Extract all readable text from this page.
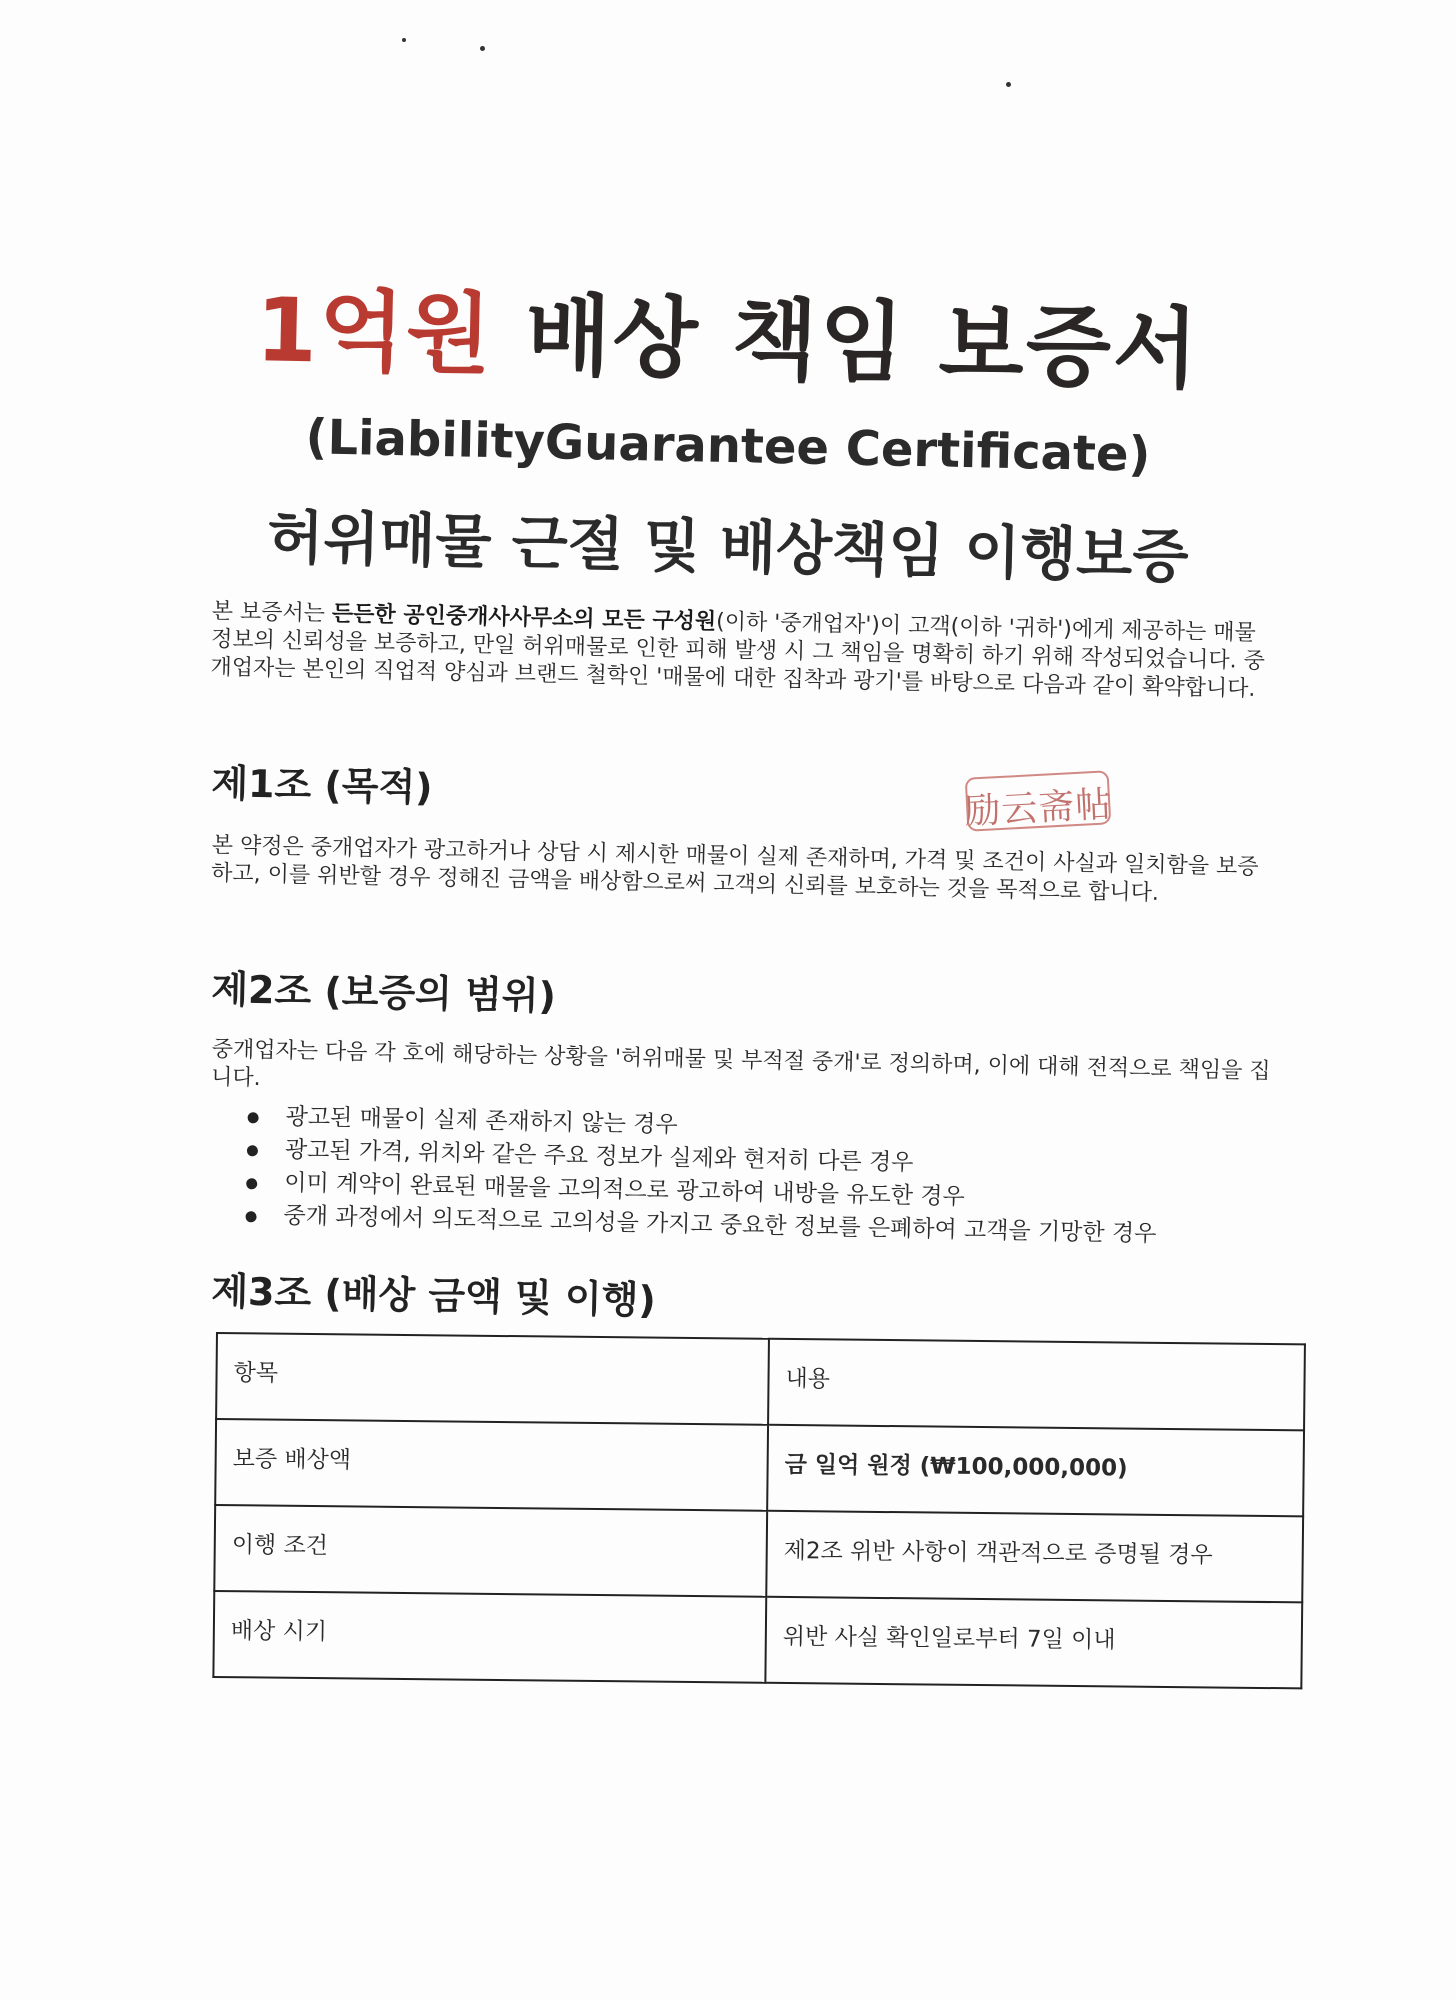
1억원 배상 책임 보증서
(LiabilityGuarantee Certificate)
허위매물 근절 및 배상책임 이행보증
본 보증서는 든든한 공인중개사사무소의 모든 구성원(이하 '중개업자')이 고객(이하 '귀하')에게 제공하는 매물 정보의 신뢰성을 보증하고, 만일 허위매물로 인한 피해 발생 시 그 책임을 명확히 하기 위해 작성되었습니다. 중개업자는 본인의 직업적 양심과 브랜드 철학인 '매물에 대한 집착과 광기'를 바탕으로 다음과 같이 확약합니다.
제1조 (목적)	励云斋帖
본 약정은 중개업자가 광고하거나 상담 시 제시한 매물이 실제 존재하며, 가격 및 조건이 사실과 일치함을 보증하고, 이를 위반할 경우 정해진 금액을 배상함으로써 고객의 신뢰를 보호하는 것을 목적으로 합니다.
제2조 (보증의 범위)
중개업자는 다음 각 호에 해당하는 상황을 '허위매물 및 부적절 중개'로 정의하며, 이에 대해 전적으로 책임을 집니다.
광고된 매물이 실제 존재하지 않는 경우
광고된 가격, 위치와 같은 주요 정보가 실제와 현저히 다른 경우
이미 계약이 완료된 매물을 고의적으로 광고하여 내방을 유도한 경우
중개 과정에서 의도적으로 고의성을 가지고 중요한 정보를 은폐하여 고객을 기망한 경우
제3조 (배상 금액 및 이행)
항목	내용
보증 배상액	금 일억 원정 (₩100,000,000)
이행 조건	제2조 위반 사항이 객관적으로 증명될 경우
배상 시기	위반 사실 확인일로부터 7일 이내
